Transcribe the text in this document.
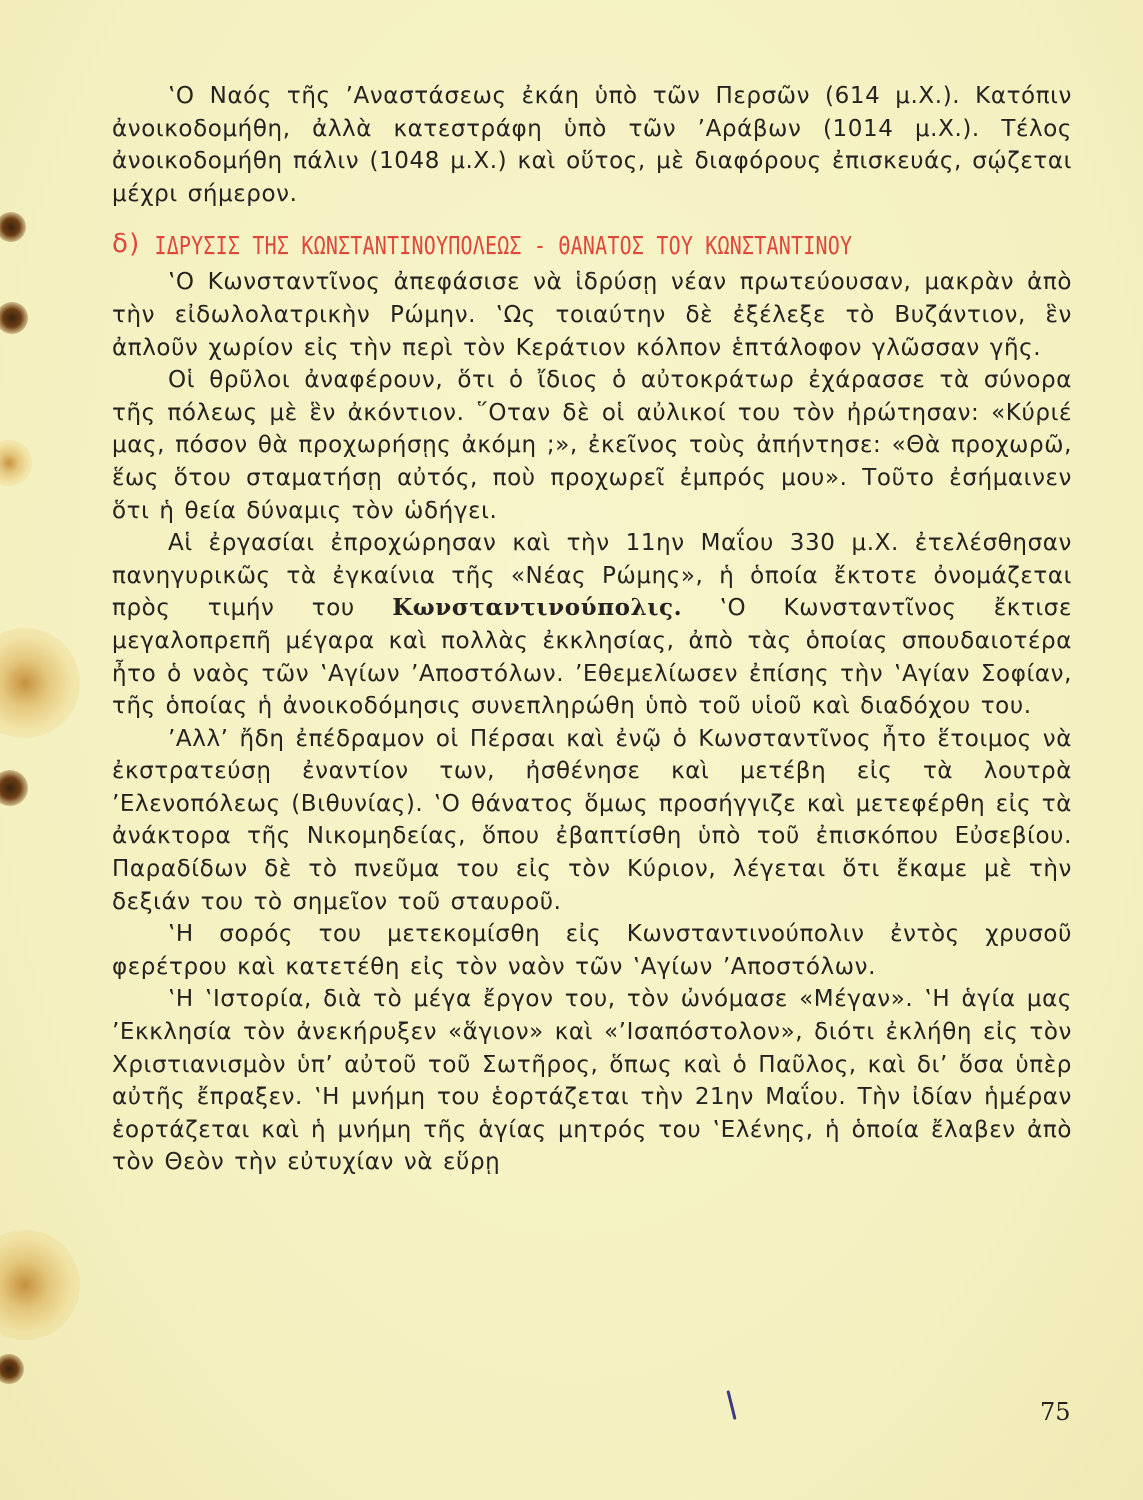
‛Ο Ναός τῆς ’Αναστάσεως ἐκάη ὑπὸ τῶν Περσῶν (614 μ.Χ.). Κατόπιν ἀνοικοδομήθη, ἀλλὰ κατεστράφη ὑπὸ τῶν ’Αράβων (1014 μ.Χ.). Τέλος ἀνοικοδομήθη πάλιν (1048 μ.Χ.) καὶ οὕτος, μὲ διαφόρους ἐπισκευάς, σῴζεται μέχρι σήμερον.

δ) ΙΔΡΥΣΙΣ ΤΗΣ ΚΩΝΣΤΑΝΤΙΝΟΥΠΟΛΕΩΣ - ΘΑΝΑΤΟΣ ΤΟΥ ΚΩΝΣΤΑΝΤΙΝΟΥ

‛Ο Κωνσταντῖνος ἀπεφάσισε νὰ ἱδρύσῃ νέαν πρωτεύουσαν, μακρὰν ἀπὸ τὴν εἰδωλολατρικὴν Ρώμην. ‛Ως τοιαύτην δὲ ἐξέλεξε τὸ Βυζάντιον, ἓν ἀπλοῦν χωρίον εἰς τὴν περὶ τὸν Κεράτιον κόλπον ἑπτάλοφον γλῶσσαν γῆς.

Οἱ θρῦλοι ἀναφέρουν, ὅτι ὁ ἴδιος ὁ αὐτοκράτωρ ἐχάρασσε τὰ σύνορα τῆς πόλεως μὲ ἓν ἀκόντιον. ῞Οταν δὲ οἱ αὐλικοί του τὸν ἠρώτησαν: «Κύριέ μας, πόσον θὰ προχωρήσῃς ἀκόμη ;», ἐκεῖνος τοὺς ἀπήντησε: «Θὰ προχωρῶ, ἕως ὅτου σταματήσῃ αὐτός, ποὺ προχωρεῖ ἐμπρός μου». Τοῦτο ἐσήμαινεν ὅτι ἡ θεία δύναμις τὸν ὡδήγει.

Αἱ ἐργασίαι ἐπροχώρησαν καὶ τὴν 11ην Μαΐου 330 μ.Χ. ἐτελέσθησαν πανηγυρικῶς τὰ ἐγκαίνια τῆς «Νέας Ρώμης», ἡ ὁποία ἔκτοτε ὀνομάζεται πρὸς τιμήν του Κωνσταντινούπολις. ‛Ο Κωνσταντῖνος ἔκτισε μεγαλοπρεπῆ μέγαρα καὶ πολλὰς ἐκκλησίας, ἀπὸ τὰς ὁποίας σπουδαιοτέρα ἦτο ὁ ναὸς τῶν ‛Αγίων ’Αποστόλων. ’Εθεμελίωσεν ἐπίσης τὴν ‛Αγίαν Σοφίαν, τῆς ὁποίας ἡ ἀνοικοδόμησις συνεπληρώθη ὑπὸ τοῦ υἱοῦ καὶ διαδόχου του.

’Αλλ’ ἤδη ἐπέδραμον οἱ Πέρσαι καὶ ἐνῷ ὁ Κωνσταντῖνος ἦτο ἕτοιμος νὰ ἐκστρατεύσῃ ἐναντίον των, ἠσθένησε καὶ μετέβη εἰς τὰ λουτρὰ ’Ελενοπόλεως (Βιθυνίας). ‛Ο θάνατος ὅμως προσήγγιζε καὶ μετεφέρθη εἰς τὰ ἀνάκτορα τῆς Νικομηδείας, ὅπου ἐβαπτίσθη ὑπὸ τοῦ ἐπισκόπου Εὐσεβίου. Παραδίδων δὲ τὸ πνεῦμα του εἰς τὸν Κύριον, λέγεται ὅτι ἔκαμε μὲ τὴν δεξιάν του τὸ σημεῖον τοῦ σταυροῦ.

‛Η σορός του μετεκομίσθη εἰς Κωνσταντινούπολιν ἐντὸς χρυσοῦ φερέτρου καὶ κατετέθη εἰς τὸν ναὸν τῶν ‛Αγίων ’Αποστόλων.

‛Η ‛Ιστορία, διὰ τὸ μέγα ἔργον του, τὸν ὠνόμασε «Μέγαν». ‛Η ἁγία μας ’Εκκλησία τὸν ἀνεκήρυξεν «ἅγιον» καὶ «’Ισαπόστολον», διότι ἐκλήθη εἰς τὸν Χριστιανισμὸν ὑπ’ αὐτοῦ τοῦ Σωτῆρος, ὅπως καὶ ὁ Παῦλος, καὶ δι’ ὅσα ὑπὲρ αὐτῆς ἔπραξεν. ‛Η μνήμη του ἑορτάζεται τὴν 21ην Μαΐου. Τὴν ἰδίαν ἡμέραν ἑορτάζεται καὶ ἡ μνήμη τῆς ἁγίας μητρός του ‛Ελένης, ἡ ὁποία ἔλαβεν ἀπὸ τὸν Θεὸν τὴν εὐτυχίαν νὰ εὕρῃ

75
